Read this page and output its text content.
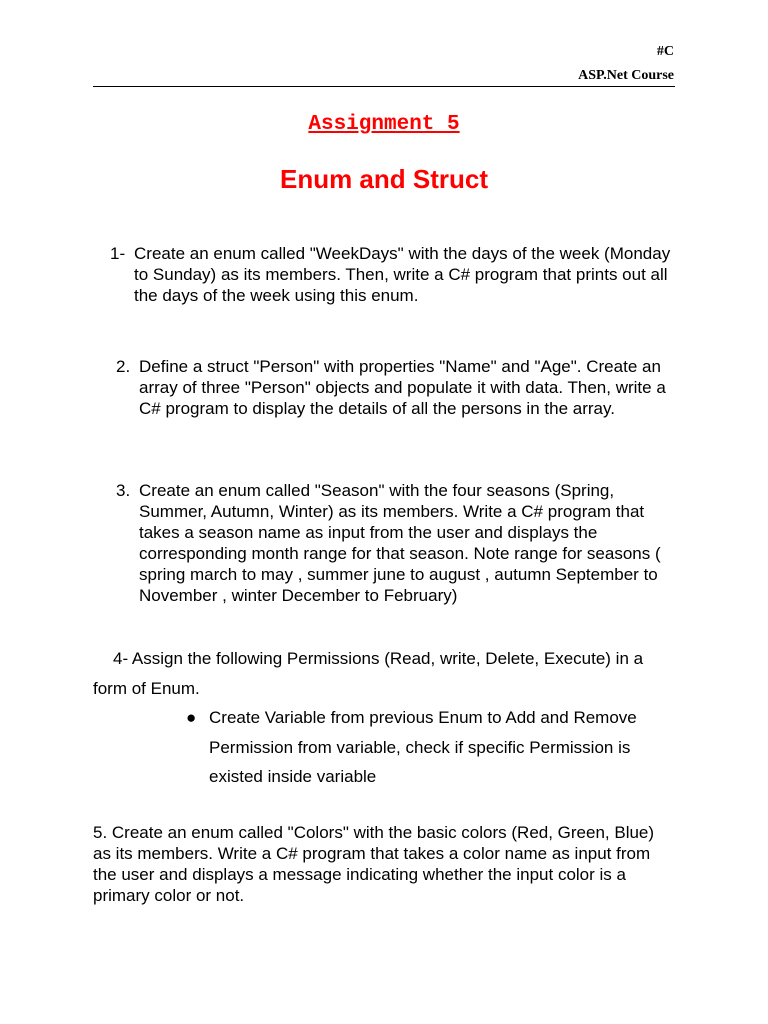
#C
ASP.Net Course
Assignment 5
Enum and Struct
1- Create an enum called "WeekDays" with the days of the week (Monday to Sunday) as its members. Then, write a C# program that prints out all the days of the week using this enum.
2. Define a struct "Person" with properties "Name" and "Age". Create an array of three "Person" objects and populate it with data. Then, write a C# program to display the details of all the persons in the array.
3. Create an enum called "Season" with the four seasons (Spring, Summer, Autumn, Winter) as its members. Write a C# program that takes a season name as input from the user and displays the corresponding month range for that season. Note range for seasons ( spring march to may , summer june to august , autumn September to November , winter December to February)
4- Assign the following Permissions (Read, write, Delete, Execute) in a form of Enum.
● Create Variable from previous Enum to Add and Remove Permission from variable, check if specific Permission is existed inside variable
5. Create an enum called "Colors" with the basic colors (Red, Green, Blue) as its members. Write a C# program that takes a color name as input from the user and displays a message indicating whether the input color is a primary color or not.
